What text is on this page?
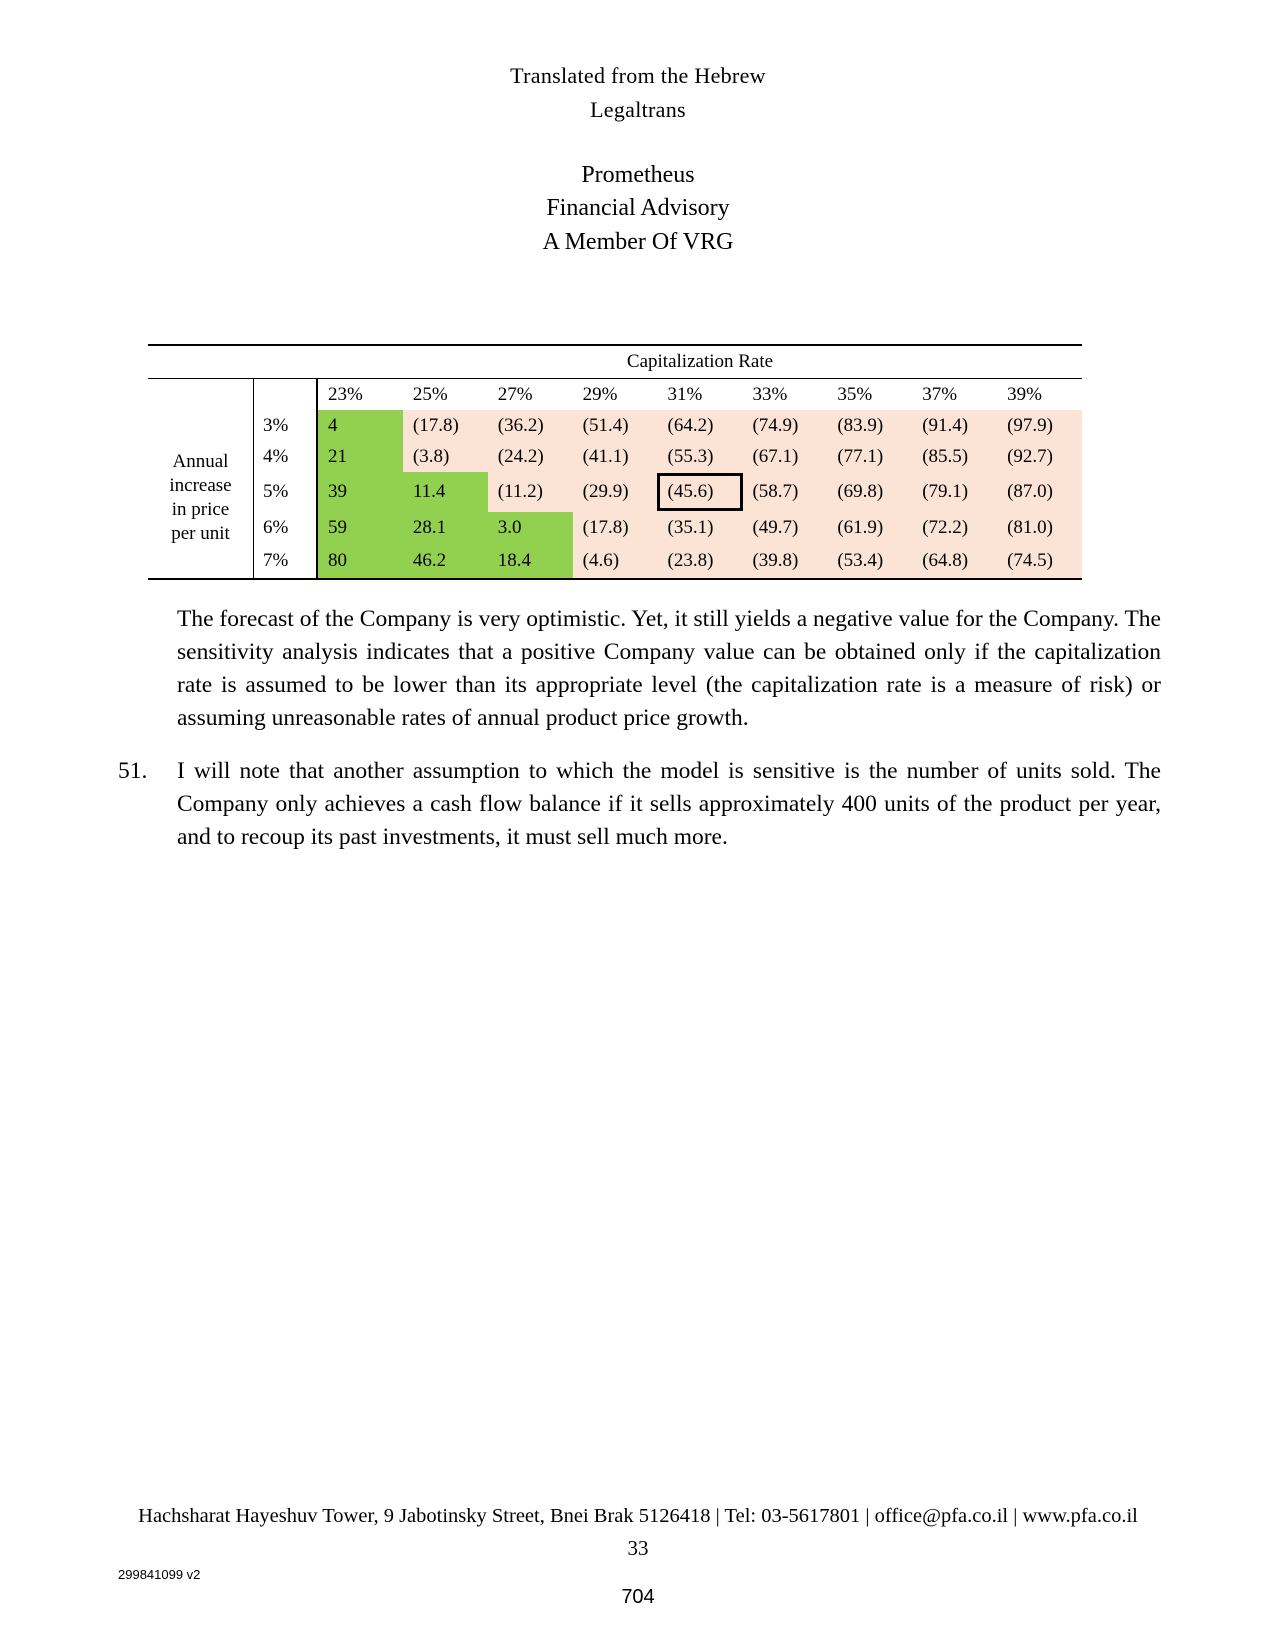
Translated from the Hebrew
Legaltrans
Prometheus
Financial Advisory
A Member Of VRG
Capitalization Rate
23%	25%	27%	29%	31%	33%	35%	37%	39%
Annual
increase
in price
per unit
3% 4	(17.8) (36.2) (51.4) (64.2) (74.9) (83.9) (91.4) (97.9)
4% 21	(3.8)	(24.2) (41.1) (55.3) (67.1) (77.1) (85.5) (92.7)
5% 39	11.4	(11.2) (29.9) (45.6) (58.7) (69.8) (79.1) (87.0)
6% 59	28.1	3.0	(17.8) (35.1) (49.7) (61.9) (72.2) (81.0)
7% 80	46.2	18.4	(4.6)	(23.8) (39.8) (53.4) (64.8) (74.5)
The forecast of the Company is very optimistic. Yet, it still yields a negative value for the Company. The sensitivity analysis indicates that a positive Company value can be obtained only if the capitalization rate is assumed to be lower than its appropriate level (the capitalization rate is a measure of risk) or assuming unreasonable rates of annual product price growth.
51. I will note that another assumption to which the model is sensitive is the number of units sold. The Company only achieves a cash flow balance if it sells approximately 400 units of the product per year, and to recoup its past investments, it must sell much more.
Hachsharat Hayeshuv Tower, 9 Jabotinsky Street, Bnei Brak 5126418 | Tel: 03-5617801 | office@pfa.co.il | www.pfa.co.il
33
299841099 v2
704
